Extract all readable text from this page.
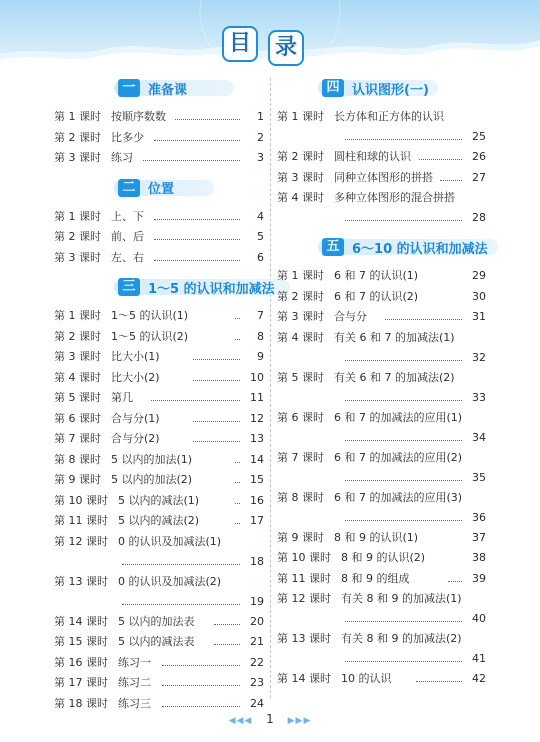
目	录
一 准备课
第 1 课时 按顺序数数	1
第 2 课时 比多少	2
第 3 课时 练习	3
二 位置
第 1 课时 上、下	4
第 2 课时 前、后	5
第 3 课时 左、右	6
三 1～5 的认识和加减法
第 1 课时 1～5 的认识(1)	7
第 2 课时 1～5 的认识(2)	8
第 3 课时 比大小(1)	9
第 4 课时 比大小(2)	10
第 5 课时 第几	11
第 6 课时 合与分(1)	12
第 7 课时 合与分(2)	13
第 8 课时 5 以内的加法(1)	14
第 9 课时 5 以内的加法(2)	15
第 10 课时 5 以内的减法(1)	16
第 11 课时 5 以内的减法(2)	17
第 12 课时 0 的认识及加减法(1)
18
第 13 课时 0 的认识及加减法(2)
19
第 14 课时 5 以内的加法表	20
第 15 课时 5 以内的减法表	21
第 16 课时 练习一	22
第 17 课时 练习二	23
第 18 课时 练习三	24
四 认识图形(一)
第 1 课时 长方体和正方体的认识
25
第 2 课时 圆柱和球的认识	26
第 3 课时 同种立体图形的拼搭	27
第 4 课时 多种立体图形的混合拼搭
28
五 6～10 的认识和加减法
第 1 课时 6 和 7 的认识(1)	29
第 2 课时 6 和 7 的认识(2)	30
第 3 课时 合与分	31
第 4 课时 有关 6 和 7 的加减法(1)
32
第 5 课时 有关 6 和 7 的加减法(2)
33
第 6 课时 6 和 7 的加减法的应用(1)
34
第 7 课时 6 和 7 的加减法的应用(2)
35
第 8 课时 6 和 7 的加减法的应用(3)
36
第 9 课时 8 和 9 的认识(1)	37
第 10 课时 8 和 9 的认识(2)	38
第 11 课时 8 和 9 的组成	39
第 12 课时 有关 8 和 9 的加减法(1)
40
第 13 课时 有关 8 和 9 的加减法(2)
41
第 14 课时 10 的认识	42
◀◀◀ 1 ▶▶▶
